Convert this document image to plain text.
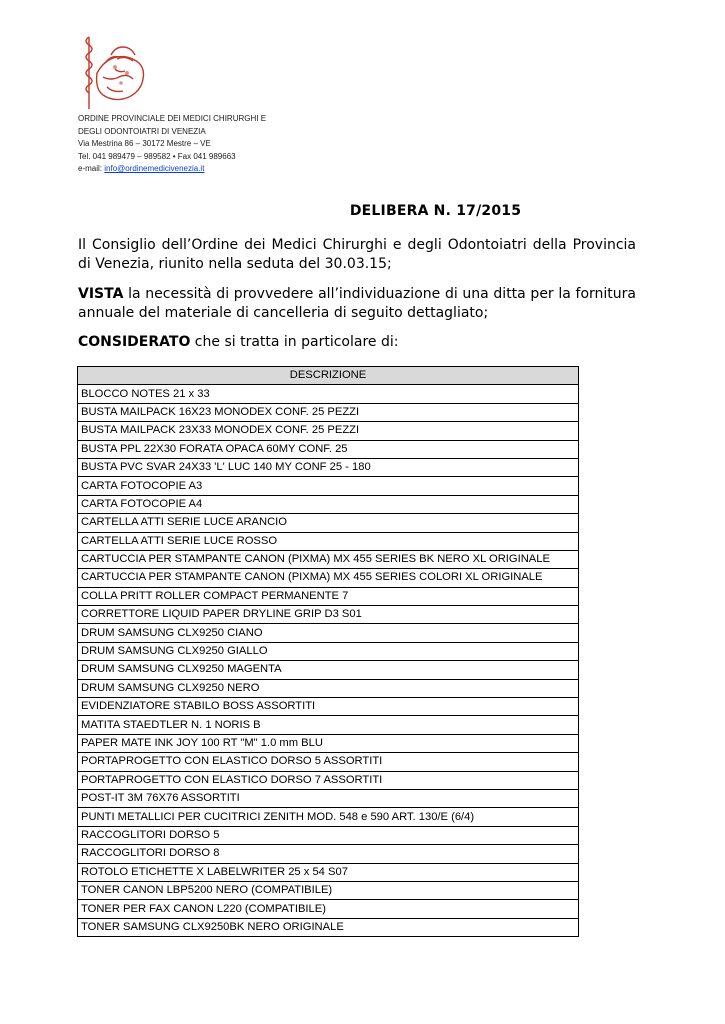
ORDINE PROVINCIALE DEI MEDICI CHIRURGHI E
DEGLI ODONTOIATRI DI VENEZIA
Via Mestrina 86 – 30172 Mestre – VE
Tel. 041 989479 – 989582 • Fax 041 989663
e-mail: info@ordinemedicivenezia.it
DELIBERA N. 17/2015

Il Consiglio dell’Ordine dei Medici Chirurghi e degli Odontoiatri della Provincia di Venezia, riunito nella seduta del 30.03.15;

VISTA la necessità di provvedere all’individuazione di una ditta per la fornitura annuale del materiale di cancelleria di seguito dettagliato;

CONSIDERATO che si tratta in particolare di:

DESCRIZIONE
BLOCCO NOTES 21 x 33
BUSTA MAILPACK 16X23 MONODEX CONF. 25 PEZZI
BUSTA MAILPACK 23X33 MONODEX CONF. 25 PEZZI
BUSTA PPL 22X30 FORATA OPACA 60MY CONF. 25
BUSTA PVC SVAR 24X33 'L' LUC 140 MY CONF 25 - 180
CARTA FOTOCOPIE A3
CARTA FOTOCOPIE A4
CARTELLA ATTI SERIE LUCE ARANCIO
CARTELLA ATTI SERIE LUCE ROSSO
CARTUCCIA PER STAMPANTE CANON (PIXMA) MX 455 SERIES BK NERO XL ORIGINALE
CARTUCCIA PER STAMPANTE CANON (PIXMA) MX 455 SERIES COLORI XL ORIGINALE
COLLA PRITT ROLLER COMPACT PERMANENTE 7
CORRETTORE LIQUID PAPER DRYLINE GRIP D3 S01
DRUM SAMSUNG CLX9250 CIANO
DRUM SAMSUNG CLX9250 GIALLO
DRUM SAMSUNG CLX9250 MAGENTA
DRUM SAMSUNG CLX9250 NERO
EVIDENZIATORE STABILO BOSS ASSORTITI
MATITA STAEDTLER N. 1 NORIS B
PAPER MATE INK JOY 100 RT "M" 1.0 mm BLU
PORTAPROGETTO CON ELASTICO DORSO 5 ASSORTITI
PORTAPROGETTO CON ELASTICO DORSO 7 ASSORTITI
POST-IT 3M 76X76 ASSORTITI
PUNTI METALLICI PER CUCITRICI ZENITH MOD. 548 e 590 ART. 130/E (6/4)
RACCOGLITORI DORSO 5
RACCOGLITORI DORSO 8
ROTOLO ETICHETTE X LABELWRITER 25 x 54 S07
TONER CANON LBP5200 NERO (COMPATIBILE)
TONER PER FAX CANON L220 (COMPATIBILE)
TONER SAMSUNG CLX9250BK NERO ORIGINALE
